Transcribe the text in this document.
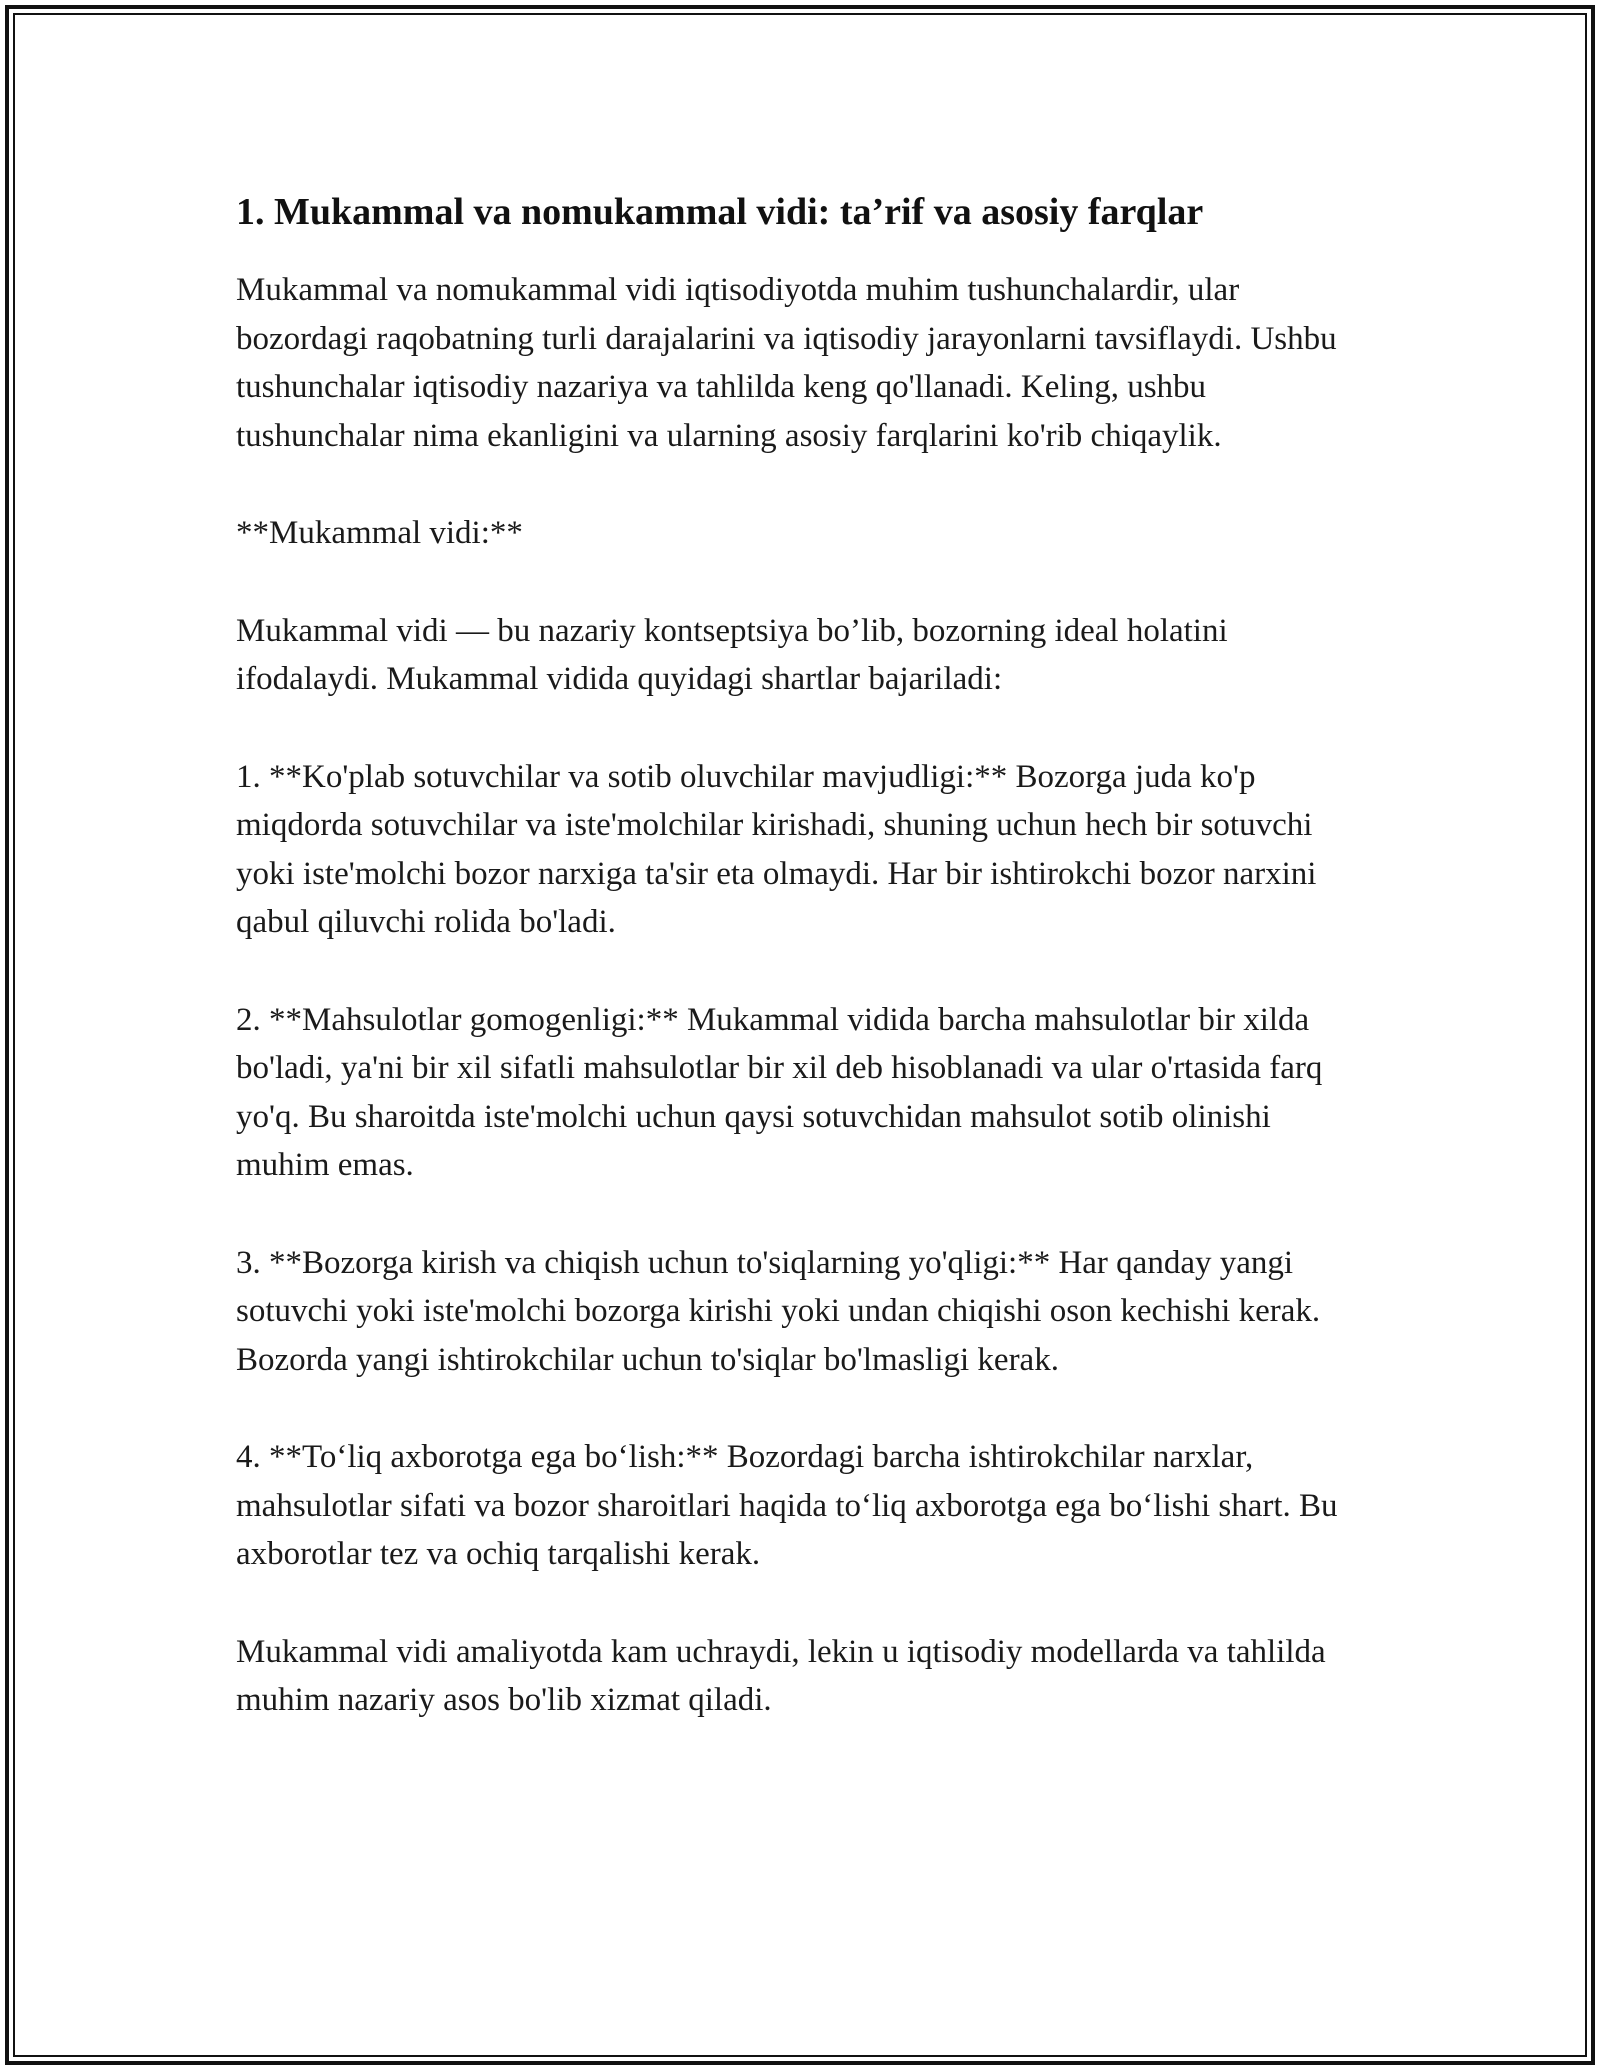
1. Mukammal va nomukammal vidi: ta’rif va asosiy farqlar

Mukammal va nomukammal vidi iqtisodiyotda muhim tushunchalardir, ular bozordagi raqobatning turli darajalarini va iqtisodiy jarayonlarni tavsiflaydi. Ushbu tushunchalar iqtisodiy nazariya va tahlilda keng qo'llanadi. Keling, ushbu tushunchalar nima ekanligini va ularning asosiy farqlarini ko'rib chiqaylik.

**Mukammal vidi:**

Mukammal vidi — bu nazariy kontseptsiya bo’lib, bozorning ideal holatini ifodalaydi. Mukammal vidida quyidagi shartlar bajariladi:

1. **Ko'plab sotuvchilar va sotib oluvchilar mavjudligi:** Bozorga juda ko'p miqdorda sotuvchilar va iste'molchilar kirishadi, shuning uchun hech bir sotuvchi yoki iste'molchi bozor narxiga ta'sir eta olmaydi. Har bir ishtirokchi bozor narxini qabul qiluvchi rolida bo'ladi.

2. **Mahsulotlar gomogenligi:** Mukammal vidida barcha mahsulotlar bir xilda bo'ladi, ya'ni bir xil sifatli mahsulotlar bir xil deb hisoblanadi va ular o'rtasida farq yo'q. Bu sharoitda iste'molchi uchun qaysi sotuvchidan mahsulot sotib olinishi muhim emas.

3. **Bozorga kirish va chiqish uchun to'siqlarning yo'qligi:** Har qanday yangi sotuvchi yoki iste'molchi bozorga kirishi yoki undan chiqishi oson kechishi kerak. Bozorda yangi ishtirokchilar uchun to'siqlar bo'lmasligi kerak.

4. **To‘liq axborotga ega bo‘lish:** Bozordagi barcha ishtirokchilar narxlar, mahsulotlar sifati va bozor sharoitlari haqida to‘liq axborotga ega bo‘lishi shart. Bu axborotlar tez va ochiq tarqalishi kerak.

Mukammal vidi amaliyotda kam uchraydi, lekin u iqtisodiy modellarda va tahlilda muhim nazariy asos bo'lib xizmat qiladi.
